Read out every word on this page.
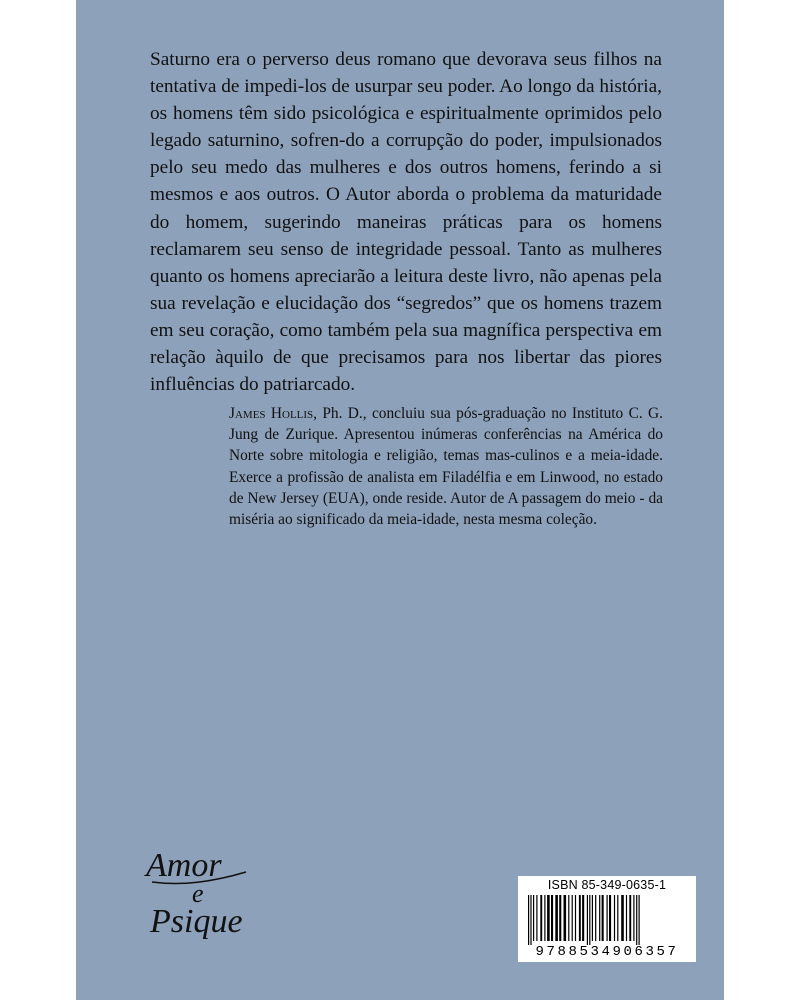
Saturno era o perverso deus romano que devorava seus filhos na tentativa de impedi-los de usurpar seu poder. Ao longo da história, os homens têm sido psicológica e espiritualmente oprimidos pelo legado saturnino, sofren-do a corrupção do poder, impulsionados pelo seu medo das mulheres e dos outros homens, ferindo a si mesmos e aos outros. O Autor aborda o problema da maturidade do homem, sugerindo maneiras práticas para os homens reclamarem seu senso de integridade pessoal. Tanto as mulheres quanto os homens apreciarão a leitura deste livro, não apenas pela sua revelação e elucidação dos “segredos” que os homens trazem em seu coração, como também pela sua magnífica perspectiva em relação àquilo de que precisamos para nos libertar das piores influências do patriarcado.

James Hollis, Ph. D., concluiu sua pós-graduação no Instituto C. G. Jung de Zurique. Apresentou inúmeras conferências na América do Norte sobre mitologia e religião, temas mas-culinos e a meia-idade. Exerce a profissão de analista em Filadélfia e em Linwood, no estado de New Jersey (EUA), onde reside. Autor de A passagem do meio - da miséria ao significado da meia-idade, nesta mesma coleção.

Amor
e
Psique
ISBN 85-349-0635-1
9788534906357
